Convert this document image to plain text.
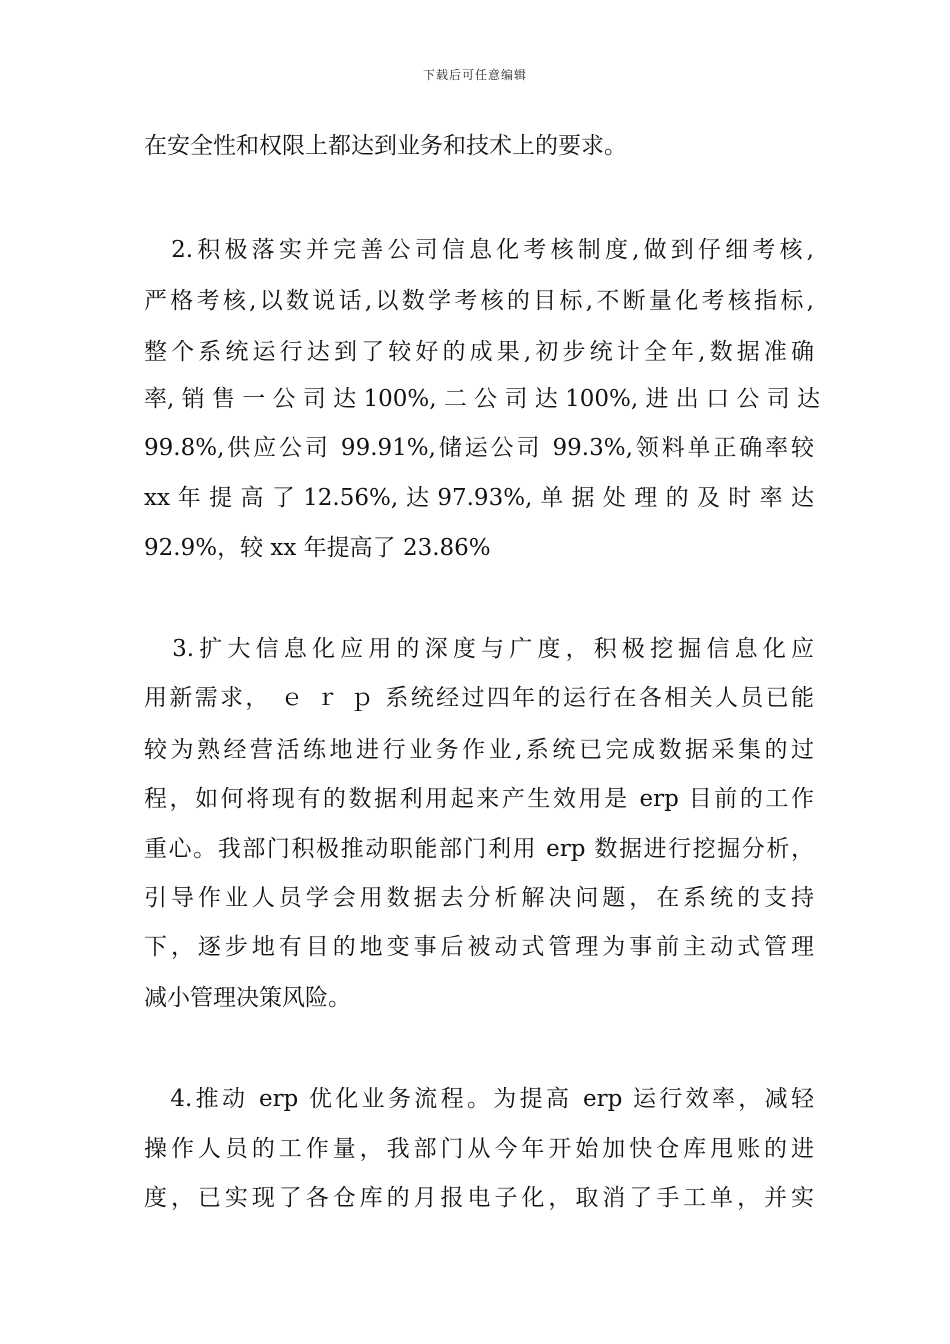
下载后可任意编辑
在安全性和权限上都达到业务和技术上的要求。
　2.积极落实并完善公司信息化考核制度,做到仔细考核,
严格考核,以数说话,以数学考核的目标,不断量化考核指标,
整个系统运行达到了较好的成果,初步统计全年,数据准确
率, 销 售 一 公 司 达 100%, 二 公 司 达 100%, 进 出 口 公 司 达
99.8%,供应公司 99.91%,储运公司 99.3%,领料单正确率较
xx 年 提 高 了 12.56%, 达 97.93%, 单 据 处 理 的 及 时 率 达
92.9%，较 xx 年提高了 23.86%
　3.扩大信息化应用的深度与广度，积极挖掘信息化应
用新需求， ｅ ｒ ｐ 系统经过四年的运行在各相关人员已能
较为熟经营活练地进行业务作业,系统已完成数据采集的过
程，如何将现有的数据利用起来产生效用是 erp 目前的工作
重心。我部门积极推动职能部门利用 erp 数据进行挖掘分析，
引导作业人员学会用数据去分析解决问题，在系统的支持
下，逐步地有目的地变事后被动式管理为事前主动式管理
减小管理决策风险。
　4.推动 erp 优化业务流程。为提高 erp 运行效率，减轻
操作人员的工作量，我部门从今年开始加快仓库甩账的进
度，已实现了各仓库的月报电子化，取消了手工单，并实
